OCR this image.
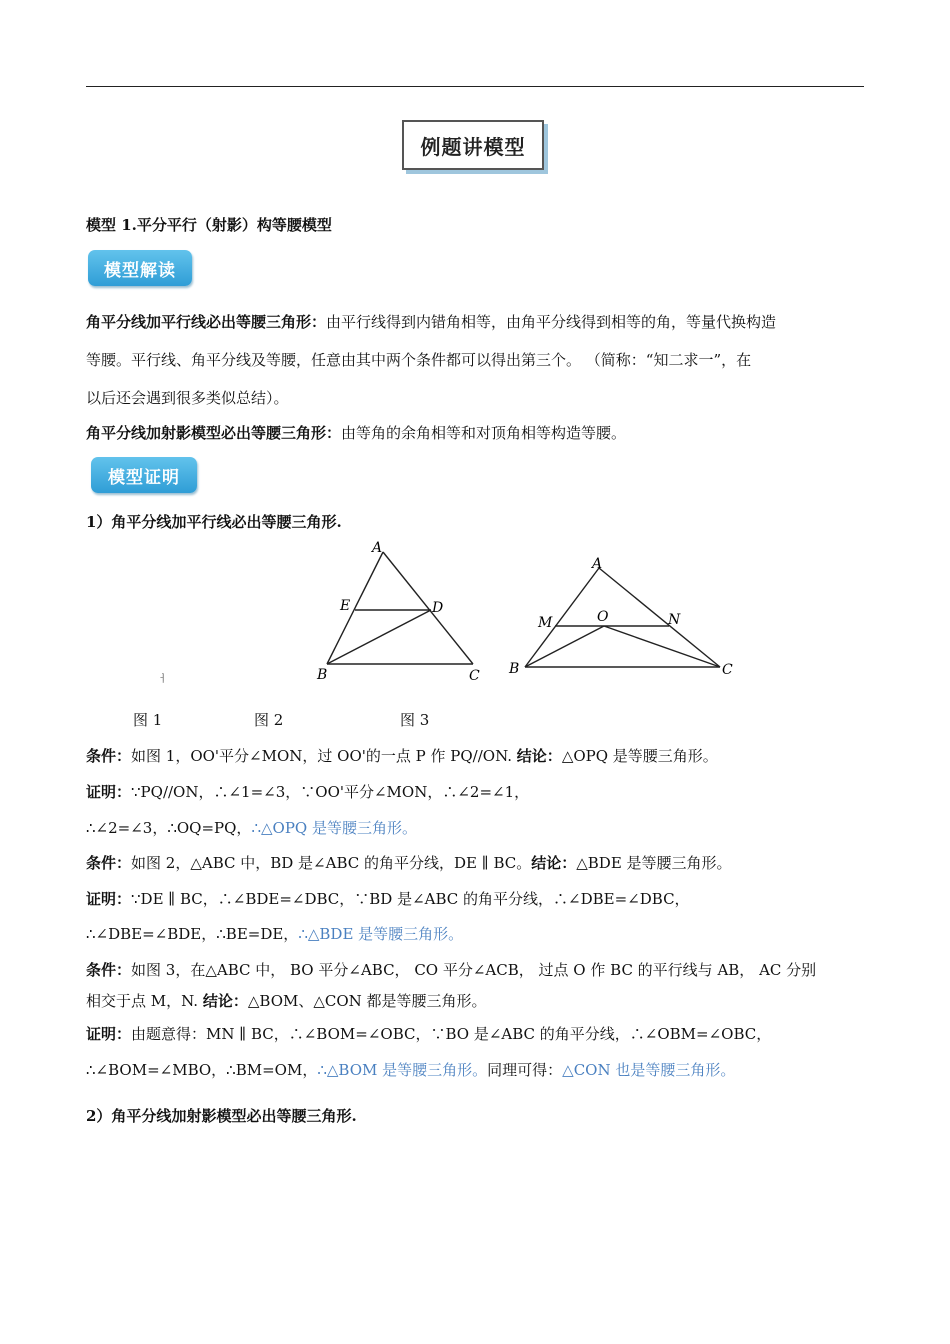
例题讲模型
模型 1.平分平行（射影）构等腰模型
模型解读
角平分线加平行线必出等腰三角形：由平行线得到内错角相等，由角平分线得到相等的角，等量代换构造
等腰。平行线、角平分线及等腰，任意由其中两个条件都可以得出第三个。 （简称：“知二求一”，在
以后还会遇到很多类似总结）。
角平分线加射影模型必出等腰三角形：由等角的余角相等和对顶角相等构造等腰。
模型证明
1）角平分线加平行线必出等腰三角形.
ㅓ
A
E	D
B	C
A
M	O	N
B	C
图 1	图 2	图 3
条件：如图 1，OO'平分∠MON，过 OO'的一点 P 作 PQ//ON. 结论：△OPQ 是等腰三角形。
证明：∵PQ//ON，∴∠1=∠3，∵OO'平分∠MON，∴∠2=∠1，
∴∠2=∠3，∴OQ=PQ，∴△OPQ 是等腰三角形。
条件：如图 2，△ABC 中，BD 是∠ABC 的角平分线，DE ∥ BC。结论：△BDE 是等腰三角形。
证明：∵DE ∥ BC，∴∠BDE=∠DBC，∵BD 是∠ABC 的角平分线，∴∠DBE=∠DBC，
∴∠DBE=∠BDE，∴BE=DE，∴△BDE 是等腰三角形。
条件：如图 3，在△ABC 中， BO 平分∠ABC， CO 平分∠ACB， 过点 O 作 BC 的平行线与 AB， AC 分别
相交于点 M，N. 结论：△BOM、△CON 都是等腰三角形。
证明：由题意得：MN ∥ BC，∴∠BOM=∠OBC，∵BO 是∠ABC 的角平分线，∴∠OBM=∠OBC，
∴∠BOM=∠MBO，∴BM=OM，∴△BOM 是等腰三角形。同理可得：△CON 也是等腰三角形。
2）角平分线加射影模型必出等腰三角形.
